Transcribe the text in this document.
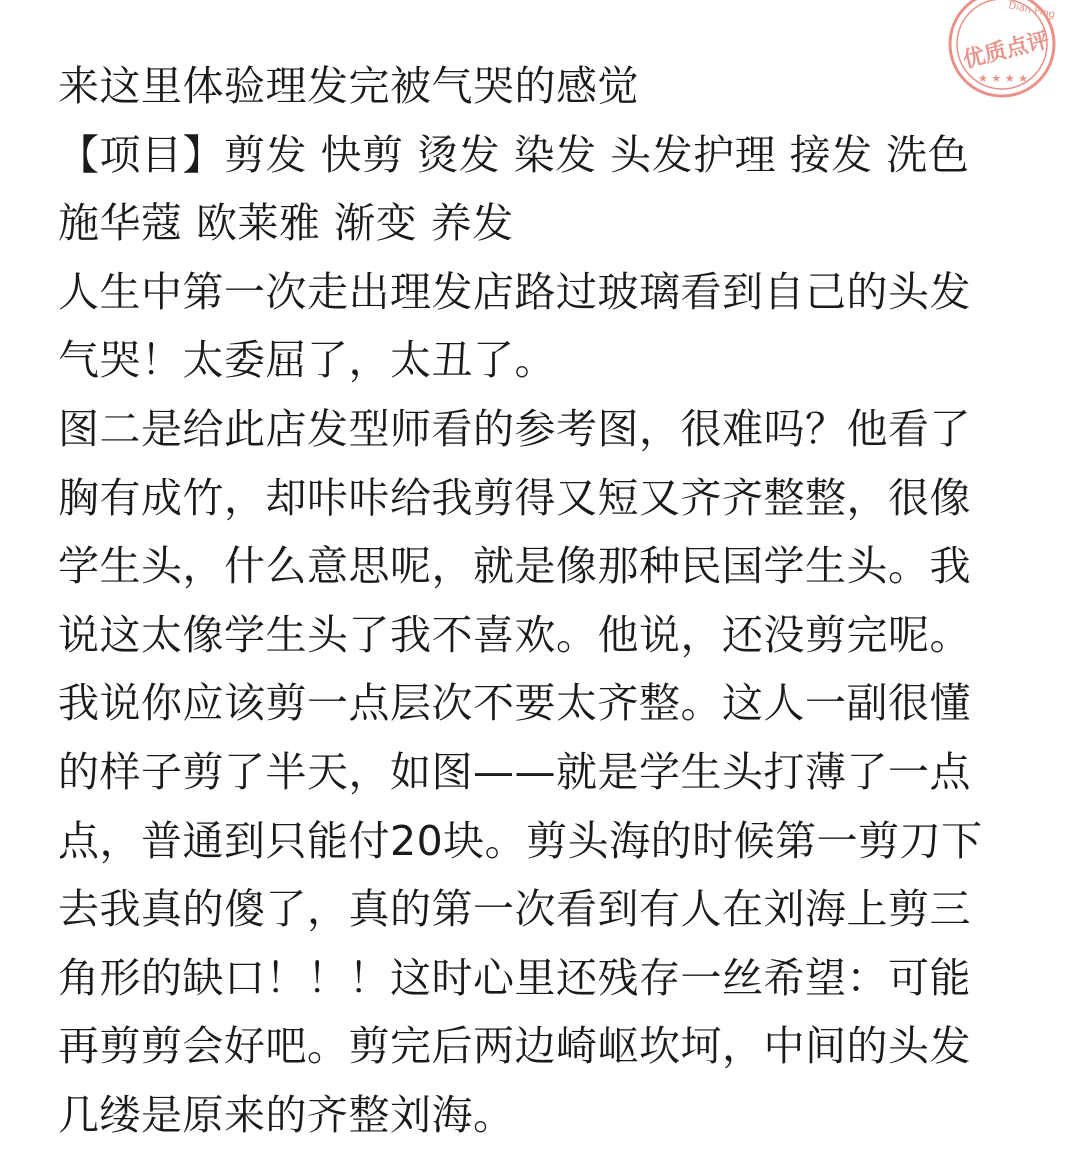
Dian Ping
优质点评
★ ★ ★ ★
来这里体验理发完被气哭的感觉
【项目】剪发 快剪 烫发 染发 头发护理 接发 洗色
施华蔻 欧莱雅 渐变 养发
人生中第一次走出理发店路过玻璃看到自己的头发
气哭！太委屈了，太丑了。
图二是给此店发型师看的参考图，很难吗？他看了
胸有成竹，却咔咔给我剪得又短又齐齐整整，很像
学生头，什么意思呢，就是像那种民国学生头。我
说这太像学生头了我不喜欢。他说，还没剪完呢。
我说你应该剪一点层次不要太齐整。这人一副很懂
的样子剪了半天，如图——就是学生头打薄了一点
点，普通到只能付20块。剪头海的时候第一剪刀下
去我真的傻了，真的第一次看到有人在刘海上剪三
角形的缺口！！！这时心里还残存一丝希望：可能
再剪剪会好吧。剪完后两边崎岖坎坷，中间的头发
几缕是原来的齐整刘海。
